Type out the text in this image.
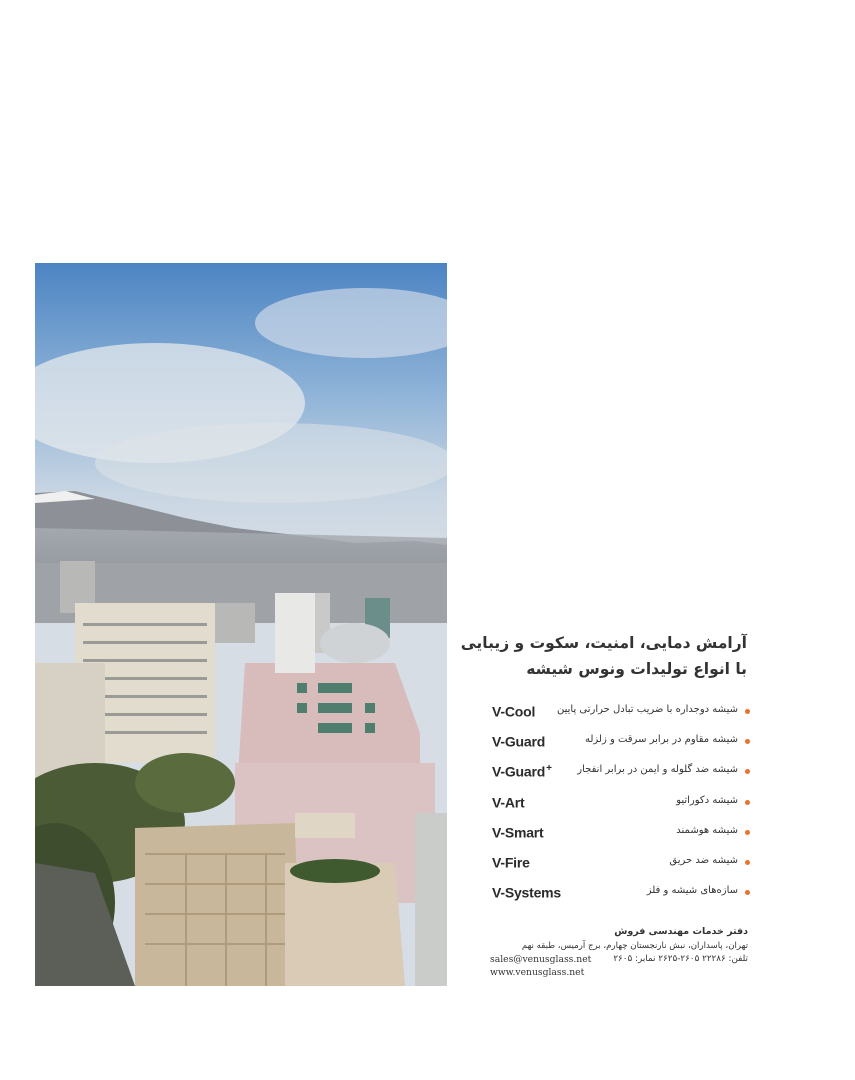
آرامش دمایی، امنیت، سکوت و زیبایی
با انواع تولیدات ونوس شیشه
V-Cool شیشه دوجداره با ضریب تبادل حرارتی پایین
V-Guard	شیشه مقاوم در برابر سرقت و زلزله
V-Guard+	شیشه ضد گلوله و ایمن در برابر انفجار
V-Art	شیشه دکوراتیو
V-Smart	شیشه هوشمند
V-Fire	شیشه ضد حریق
V-Systems	سازه‌های شیشه و فلز
دفتر خدمات مهندسی فروش
تهران، پاسداران، نبش نارنجستان چهارم، برج آرمیس، طبقه نهم
sales@venusglass.net تلفن: ۲۲۲۸۶ ۲۶۰۵-۲۶۲۵ نمابر: ۲۶۰۵
www.venusglass.net
